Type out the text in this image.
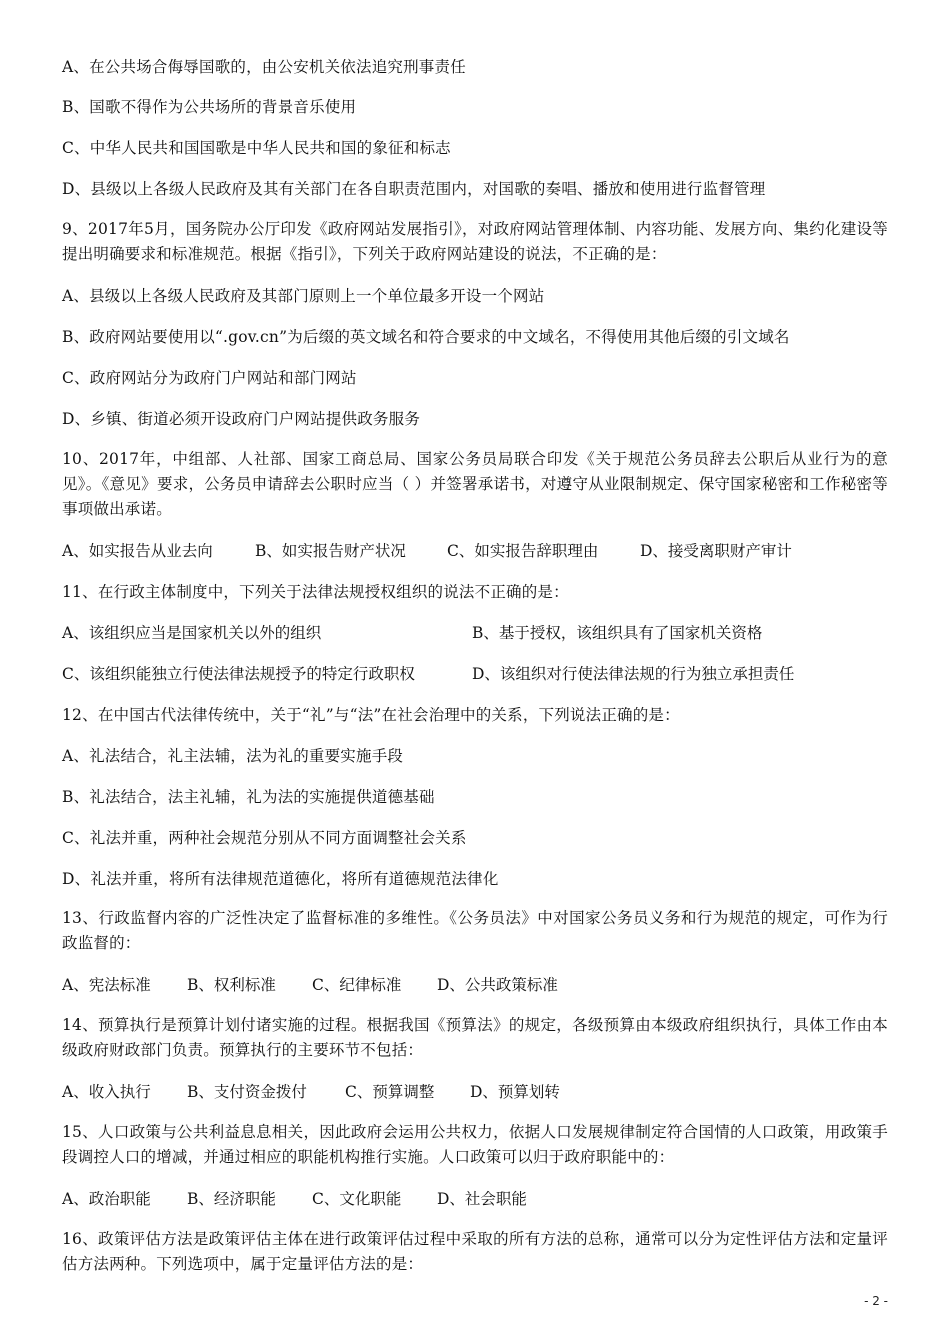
A、在公共场合侮辱国歌的，由公安机关依法追究刑事责任
B、国歌不得作为公共场所的背景音乐使用
C、中华人民共和国国歌是中华人民共和国的象征和标志
D、县级以上各级人民政府及其有关部门在各自职责范围内，对国歌的奏唱、播放和使用进行监督管理
9、2017年5月，国务院办公厅印发《政府网站发展指引》，对政府网站管理体制、内容功能、发展方向、集约化建设等提出明确要求和标准规范。根据《指引》，下列关于政府网站建设的说法，不正确的是：
A、县级以上各级人民政府及其部门原则上一个单位最多开设一个网站
B、政府网站要使用以“.gov.cn”为后缀的英文域名和符合要求的中文域名，不得使用其他后缀的引文域名
C、政府网站分为政府门户网站和部门网站
D、乡镇、街道必须开设政府门户网站提供政务服务
10、2017年，中组部、人社部、国家工商总局、国家公务员局联合印发《关于规范公务员辞去公职后从业行为的意见》。《意见》要求，公务员申请辞去公职时应当（ ）并签署承诺书，对遵守从业限制规定、保守国家秘密和工作秘密等事项做出承诺。
A、如实报告从业去向	B、如实报告财产状况	C、如实报告辞职理由	D、接受离职财产审计
11、在行政主体制度中，下列关于法律法规授权组织的说法不正确的是：
A、该组织应当是国家机关以外的组织	B、基于授权，该组织具有了国家机关资格
C、该组织能独立行使法律法规授予的特定行政职权	D、该组织对行使法律法规的行为独立承担责任
12、在中国古代法律传统中，关于“礼”与“法”在社会治理中的关系，下列说法正确的是：
A、礼法结合，礼主法辅，法为礼的重要实施手段
B、礼法结合，法主礼辅，礼为法的实施提供道德基础
C、礼法并重，两种社会规范分别从不同方面调整社会关系
D、礼法并重，将所有法律规范道德化，将所有道德规范法律化
13、行政监督内容的广泛性决定了监督标准的多维性。《公务员法》中对国家公务员义务和行为规范的规定，可作为行政监督的：
A、宪法标准 B、权利标准 C、纪律标准 D、公共政策标准
14、预算执行是预算计划付诸实施的过程。根据我国《预算法》的规定，各级预算由本级政府组织执行，具体工作由本级政府财政部门负责。预算执行的主要环节不包括：
A、收入执行 B、支付资金拨付 C、预算调整 D、预算划转
15、人口政策与公共利益息息相关，因此政府会运用公共权力，依据人口发展规律制定符合国情的人口政策，用政策手段调控人口的增减，并通过相应的职能机构推行实施。人口政策可以归于政府职能中的：
A、政治职能 B、经济职能 C、文化职能 D、社会职能
16、政策评估方法是政策评估主体在进行政策评估过程中采取的所有方法的总称，通常可以分为定性评估方法和定量评估方法两种。下列选项中，属于定量评估方法的是：
- 2 -
